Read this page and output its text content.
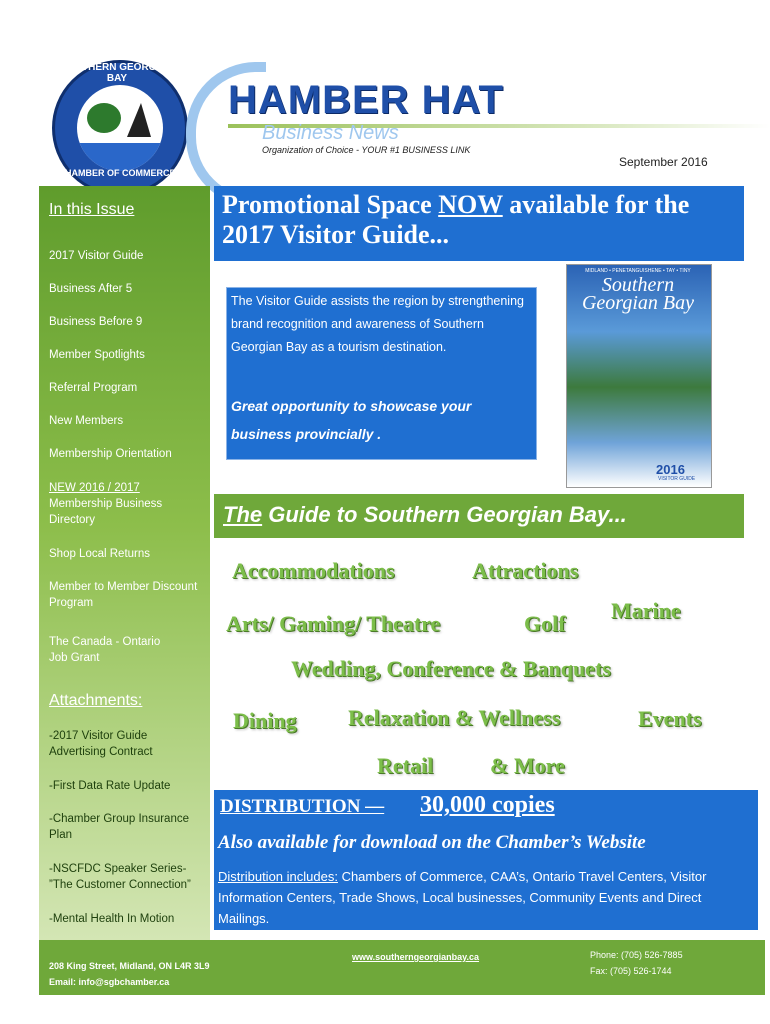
SOUTHERN GEORGIAN BAY
CHAMBER OF COMMERCE
HAMBER HAT
Business News
Organization of Choice - YOUR #1 BUSINESS LINK
September 2016
In this Issue
2017 Visitor Guide
Business After 5
Business Before 9
Member Spotlights
Referral Program
New Members
Membership Orientation
NEW 2016 / 2017
Membership Business Directory
Shop Local Returns
Member to Member Discount Program
The Canada - Ontario Job Grant
Attachments:
-2017 Visitor Guide Advertising Contract
-First Data Rate Update
-Chamber Group Insurance Plan
-NSCFDC Speaker Series- ”The Customer Connection”
-Mental Health In Motion
Promotional Space NOW available for the 2017 Visitor Guide...
The Visitor Guide assists the region by strengthening brand recognition and awareness of Southern Georgian Bay as a tourism destination.
Great opportunity to showcase your business provincially .
MIDLAND • PENETANGUISHENE • TAY • TINY
Southern Georgian Bay
2016
VISITOR GUIDE
The Guide to Southern Georgian Bay...
Accommodations	Attractions
Arts/ Gaming/ Theatre	Golf
Marine
Wedding, Conference & Banquets
Dining Relaxation & Wellness	Events
Retail	& More
DISTRIBUTION — 30,000 copies
Also available for download on the Chamber’s Website
Distribution includes: Chambers of Commerce, CAA’s, Ontario Travel Centers, Visitor Information Centers, Trade Shows, Local businesses, Community Events and Direct Mailings.
208 King Street, Midland, ON L4R 3L9
Email: info@sgbchamber.ca
www.southerngeorgianbay.ca	Phone: (705) 526-7885
Fax: (705) 526-1744
